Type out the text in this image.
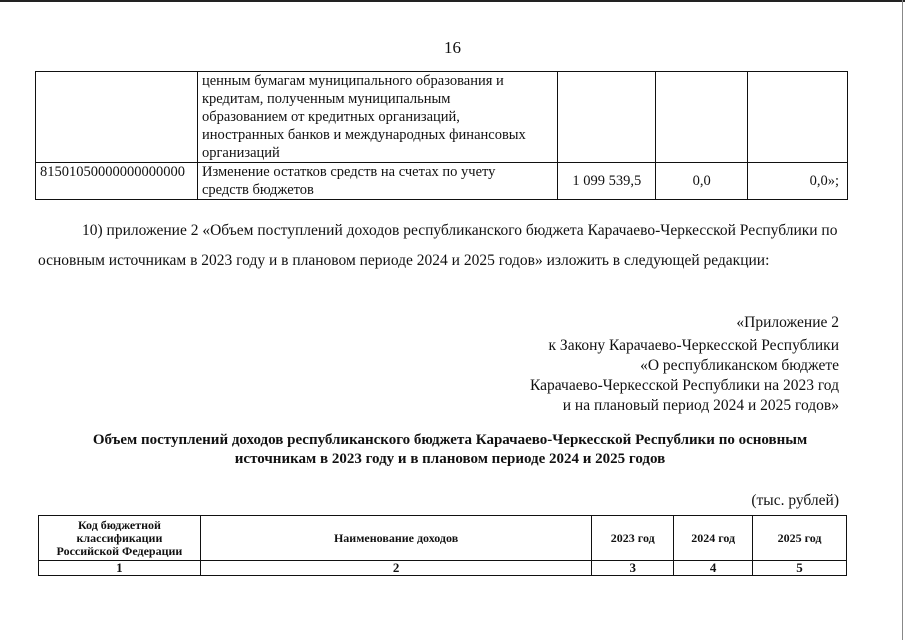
16

	ценным бумагам муниципального образования и
кредитам, полученным муниципальным
образованием от кредитных организаций,
иностранных банков и международных финансовых
организаций			

81501050000000000000	Изменение остатков средств на счетах по учету
средств бюджетов	1 099 539,5	0,0	0,0»;
10) приложение 2 «Объем поступлений доходов республиканского бюджета Карачаево-Черкесской Республики по
основным источникам в 2023 году и в плановом периоде 2024 и 2025 годов» изложить в следующей редакции:
«Приложение 2
к Закону Карачаево-Черкесской Республики
«О республиканском бюджете
Карачаево-Черкесской Республики на 2023 год
и на плановый период 2024 и 2025 годов»
Объем поступлений доходов республиканского бюджета Карачаево-Черкесской Республики по основным
источникам в 2023 году и в плановом периоде 2024 и 2025 годов
(тыс. рублей)
Код бюджетной
классификации
Российской Федерации	Наименование доходов	2023 год	2024 год	2025 год
1	2	3	4	5
